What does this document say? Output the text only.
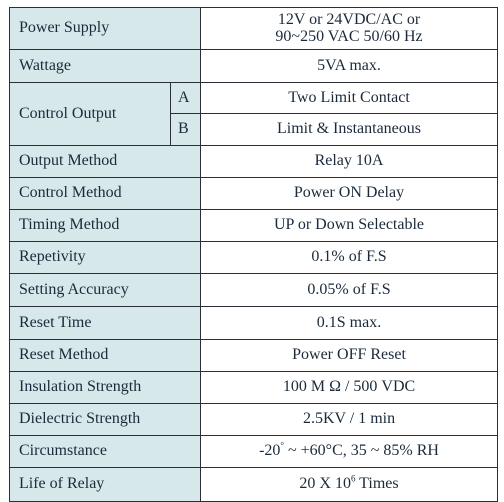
Power Supply		12V or 24VDC/AC or
90~250 VAC 50/60 Hz
Wattage		5VA max.
Control Output	A	Two Limit Contact
	B	Limit & Instantaneous
Output Method		Relay 10A
Control Method		Power ON Delay
Timing Method		UP or Down Selectable
Repetivity		0.1% of F.S
Setting Accuracy		0.05% of F.S
Reset Time		0.1S max.
Reset Method		Power OFF Reset
Insulation Strength		100 M Ω / 500 VDC
Dielectric Strength		2.5KV / 1 min
Circumstance		-20° ~ +60°C, 35 ~ 85% RH
Life of Relay		20 X $10^6$ Times
